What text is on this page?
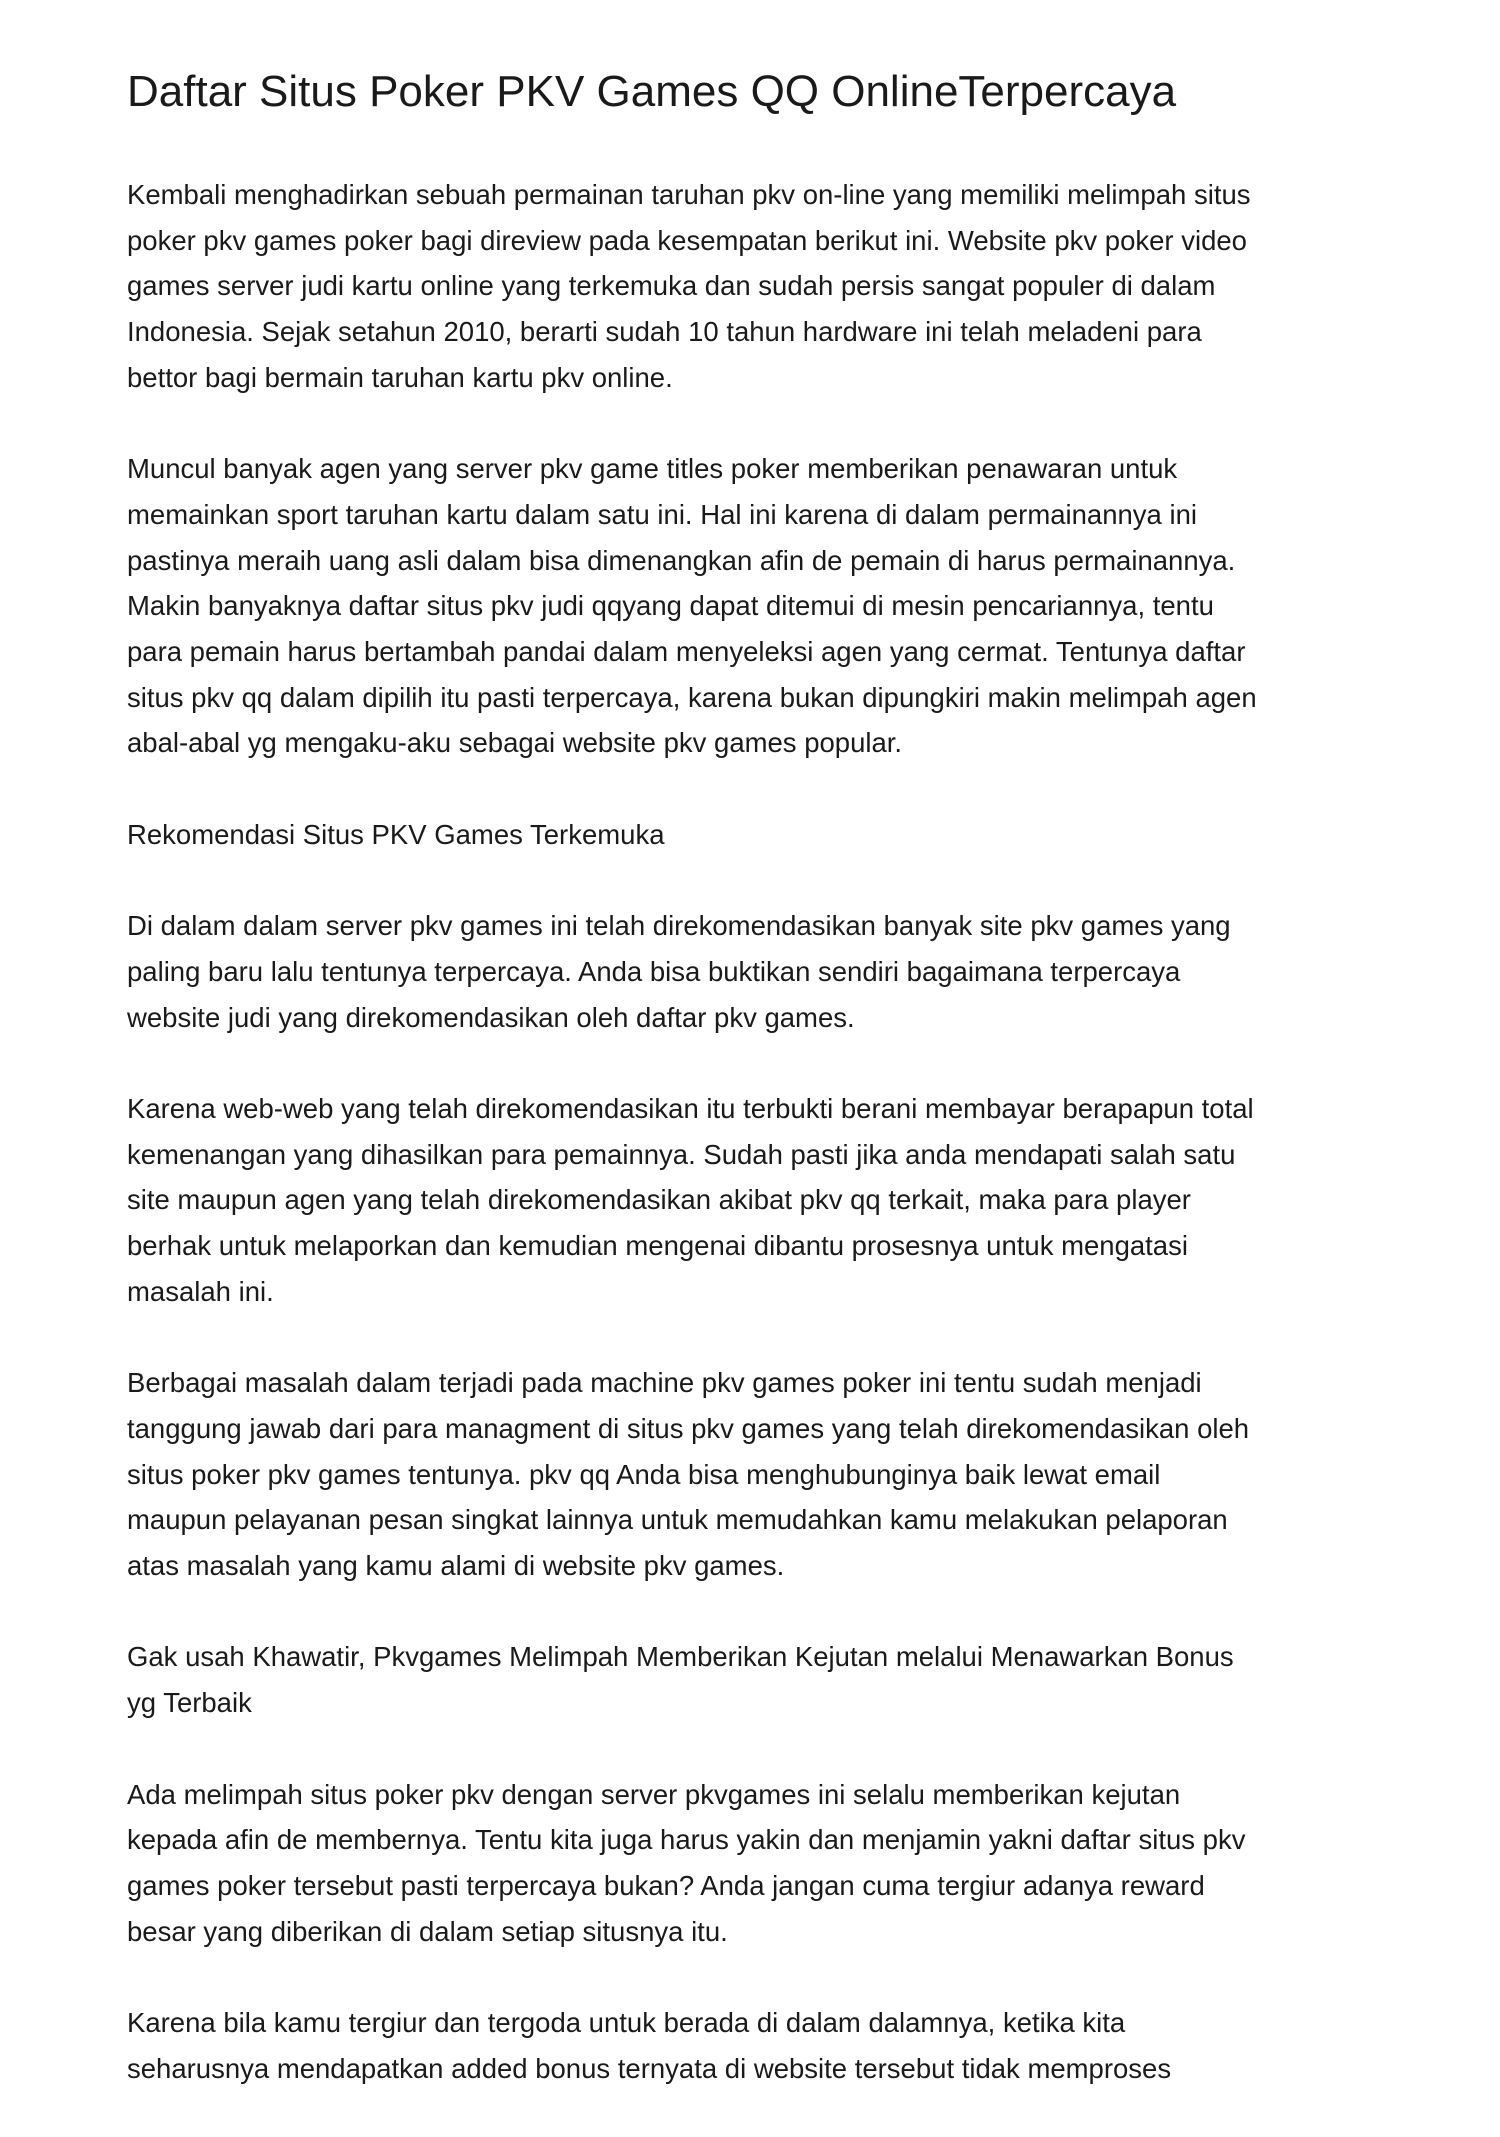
Daftar Situs Poker PKV Games QQ OnlineTerpercaya
Kembali menghadirkan sebuah permainan taruhan pkv on-line yang memiliki melimpah situs
poker pkv games poker bagi direview pada kesempatan berikut ini. Website pkv poker video
games server judi kartu online yang terkemuka dan sudah persis sangat populer di dalam
Indonesia. Sejak setahun 2010, berarti sudah 10 tahun hardware ini telah meladeni para
bettor bagi bermain taruhan kartu pkv online.
Muncul banyak agen yang server pkv game titles poker memberikan penawaran untuk
memainkan sport taruhan kartu dalam satu ini. Hal ini karena di dalam permainannya ini
pastinya meraih uang asli dalam bisa dimenangkan afin de pemain di harus permainannya.
Makin banyaknya daftar situs pkv judi qqyang dapat ditemui di mesin pencariannya, tentu
para pemain harus bertambah pandai dalam menyeleksi agen yang cermat. Tentunya daftar
situs pkv qq dalam dipilih itu pasti terpercaya, karena bukan dipungkiri makin melimpah agen
abal-abal yg mengaku-aku sebagai website pkv games popular.
Rekomendasi Situs PKV Games Terkemuka
Di dalam dalam server pkv games ini telah direkomendasikan banyak site pkv games yang
paling baru lalu tentunya terpercaya. Anda bisa buktikan sendiri bagaimana terpercaya
website judi yang direkomendasikan oleh daftar pkv games.
Karena web-web yang telah direkomendasikan itu terbukti berani membayar berapapun total
kemenangan yang dihasilkan para pemainnya. Sudah pasti jika anda mendapati salah satu
site maupun agen yang telah direkomendasikan akibat pkv qq terkait, maka para player
berhak untuk melaporkan dan kemudian mengenai dibantu prosesnya untuk mengatasi
masalah ini.
Berbagai masalah dalam terjadi pada machine pkv games poker ini tentu sudah menjadi
tanggung jawab dari para managment di situs pkv games yang telah direkomendasikan oleh
situs poker pkv games tentunya. pkv qq Anda bisa menghubunginya baik lewat email
maupun pelayanan pesan singkat lainnya untuk memudahkan kamu melakukan pelaporan
atas masalah yang kamu alami di website pkv games.
Gak usah Khawatir, Pkvgames Melimpah Memberikan Kejutan melalui Menawarkan Bonus
yg Terbaik
Ada melimpah situs poker pkv dengan server pkvgames ini selalu memberikan kejutan
kepada afin de membernya. Tentu kita juga harus yakin dan menjamin yakni daftar situs pkv
games poker tersebut pasti terpercaya bukan? Anda jangan cuma tergiur adanya reward
besar yang diberikan di dalam setiap situsnya itu.
Karena bila kamu tergiur dan tergoda untuk berada di dalam dalamnya, ketika kita
seharusnya mendapatkan added bonus ternyata di website tersebut tidak memproses
